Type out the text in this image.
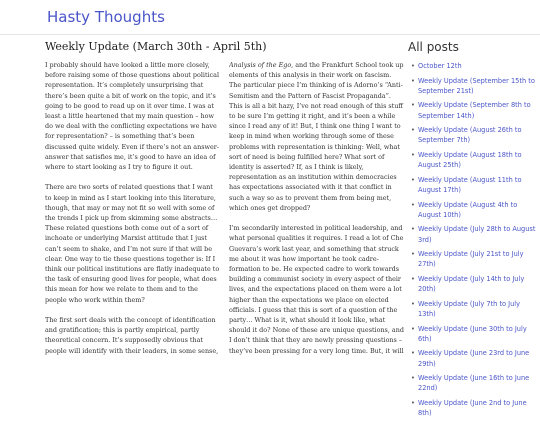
Hasty Thoughts
Weekly Update (March 30th - April 5th)

I probably should have looked a little more closely, before raising some of those questions about political representation. It’s completely unsurprising that there’s been quite a bit of work on the topic, and it’s going to be good to read up on it over time. I was at least a little heartened that my main question – how do we deal with the conflicting expectations we have for representation? – is something that’s been discussed quite widely. Even if there’s not an answer-answer that satisfies me, it’s good to have an idea of where to start looking as I try to figure it out.

There are two sorts of related questions that I want to keep in mind as I start looking into this literature, though, that may or may not fit so well with some of the trends I pick up from skimming some abstracts… These related questions both come out of a sort of inchoate or underlying Marxist attitude that I just can’t seem to shake, and I’m not sure if that will be clear. One way to tie these questions together is: If I think our political institutions are flatly inadequate to the task of ensuring good lives for people, what does this mean for how we relate to them and to the people who work within them?

The first sort deals with the concept of identification and gratification; this is partly empirical, partly theoretical concern. It’s supposedly obvious that people will identify with their leaders, in some sense,

Analysis of the Ego, and the Frankfurt School took up elements of this analysis in their work on fascism. The particular piece I’m thinking of is Adorno’s “Anti-Semitism and the Pattern of Fascist Propaganda”. This is all a bit hazy, I’ve not read enough of this stuff to be sure I’m getting it right, and it’s been a while since I read any of it! But, I think one thing I want to keep in mind when working through some of these problems with representation is thinking: Well, what sort of need is being fulfilled here? What sort of identity is asserted? If, as I think is likely, representation as an institution within democracies has expectations associated with it that conflict in such a way so as to prevent them from being met, which ones get dropped?

I’m secondarily interested in political leadership, and what personal qualities it requires. I read a lot of Che Guevara’s work last year, and something that struck me about it was how important he took cadre-formation to be. He expected cadre to work towards building a communist society in every aspect of their lives, and the expectations placed on them were a lot higher than the expectations we place on elected officials. I guess that this is sort of a question of the party… What is it, what should it look like, what should it do? None of these are unique questions, and I don’t think that they are newly pressing questions – they’ve been pressing for a very long time. But, it will

All posts
• October 12th
• Weekly Update (September 15th to September 21st)
• Weekly Update (September 8th to September 14th)
• Weekly Update (August 26th to September 7th)
• Weekly Update (August 18th to August 25th)
• Weekly Update (August 11th to August 17th)
• Weekly Update (August 4th to August 10th)
• Weekly Update (July 28th to August 3rd)
• Weekly Update (July 21st to July 27th)
• Weekly Update (July 14th to July 20th)
• Weekly Update (July 7th to July 13th)
• Weekly Update (June 30th to July 6th)
• Weekly Update (June 23rd to June 29th)
• Weekly Update (June 16th to June 22nd)
• Weekly Update (June 2nd to June 8th)
